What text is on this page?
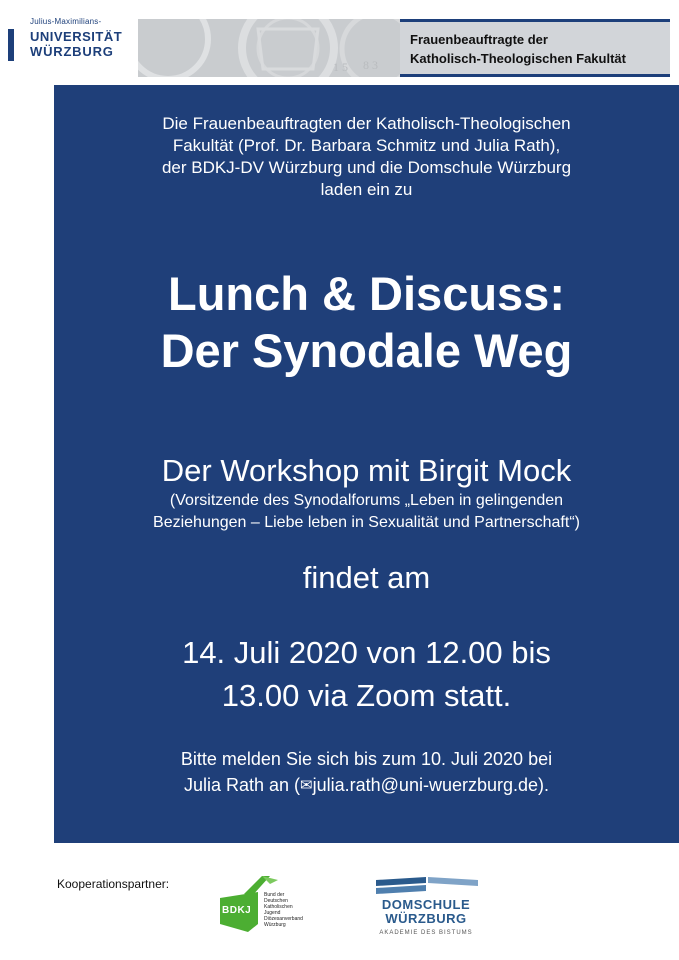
Julius-Maximilians-
UNIVERSITÄT
WÜRZBURG
1 5 8 3
Frauenbeauftragte der
Katholisch-Theologischen Fakultät
Die Frauenbeauftragten der Katholisch-Theologischen
Fakultät (Prof. Dr. Barbara Schmitz und Julia Rath),
der BDKJ-DV Würzburg und die Domschule Würzburg
laden ein zu
Lunch & Discuss:
Der Synodale Weg
Der Workshop mit Birgit Mock
(Vorsitzende des Synodalforums „Leben in gelingenden
Beziehungen – Liebe leben in Sexualität und Partnerschaft“)
findet am
14. Juli 2020 von 12.00 bis
13.00 via Zoom statt.
Bitte melden Sie sich bis zum 10. Juli 2020 bei
Julia Rath an (✉julia.rath@uni-wuerzburg.de).
Kooperationspartner:
BDKJ
Bund der Deutschen
Katholischen Jugend
Diözesanverband
Würzburg
DOMSCHULE
WÜRZBURG
AKADEMIE DES BISTUMS
